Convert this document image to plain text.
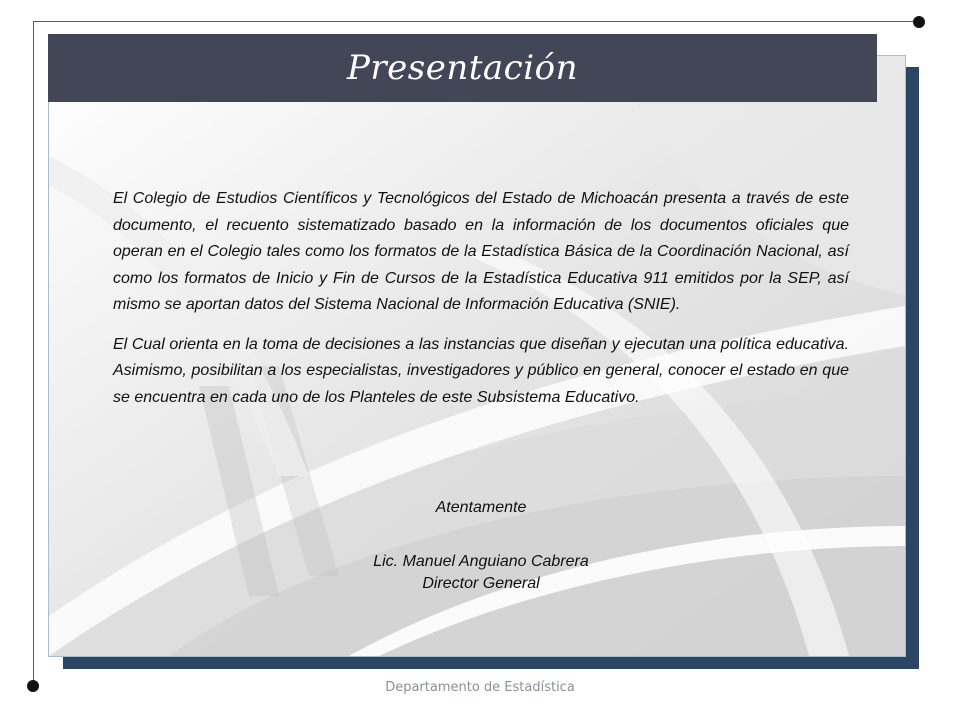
Presentación

El Colegio de Estudios Científicos y Tecnológicos del Estado de Michoacán presenta a través de este documento, el recuento sistematizado basado en la información de los documentos oficiales que operan en el Colegio tales como los formatos de la Estadística Básica de la Coordinación Nacional, así como los formatos de Inicio y Fin de Cursos de la Estadística Educativa 911 emitidos por la SEP, así mismo se aportan datos del Sistema Nacional de Información Educativa (SNIE).

El Cual orienta en la toma de decisiones a las instancias que diseñan y ejecutan una política educativa. Asimismo, posibilitan a los especialistas, investigadores y público en general, conocer el estado en que se encuentra en cada uno de los Planteles de este Subsistema Educativo.

Atentamente
Lic. Manuel Anguiano Cabrera
Director General
Departamento de Estadística
